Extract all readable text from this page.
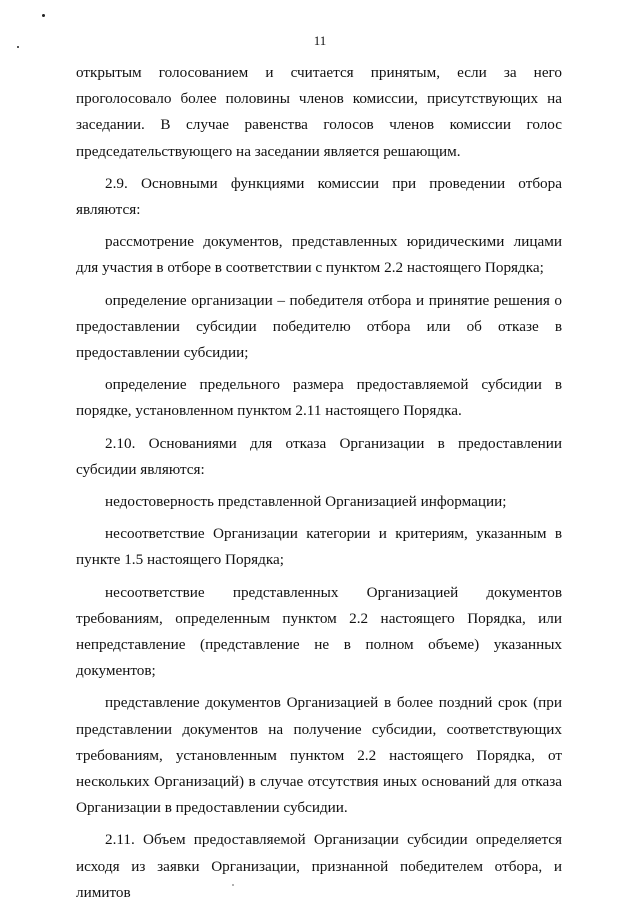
11

открытым голосованием и считается принятым, если за него проголосовало более половины членов комиссии, присутствующих на заседании. В случае равенства голосов членов комиссии голос председательствующего на заседании является решающим.

2.9. Основными функциями комиссии при проведении отбора являются:

рассмотрение документов, представленных юридическими лицами для участия в отборе в соответствии с пунктом 2.2 настоящего Порядка;

определение организации – победителя отбора и принятие решения о предоставлении субсидии победителю отбора или об отказе в предоставлении субсидии;

определение предельного размера предоставляемой субсидии в порядке, установленном пунктом 2.11 настоящего Порядка.

2.10. Основаниями для отказа Организации в предоставлении субсидии являются:

недостоверность представленной Организацией информации;

несоответствие Организации категории и критериям, указанным в пункте 1.5 настоящего Порядка;

несоответствие представленных Организацией документов требованиям, определенным пунктом 2.2 настоящего Порядка, или непредставление (представление не в полном объеме) указанных документов;

представление документов Организацией в более поздний срок (при представлении документов на получение субсидии, соответствующих требованиям, установленным пунктом 2.2 настоящего Порядка, от нескольких Организаций) в случае отсутствия иных оснований для отказа Организации в предоставлении субсидии.

2.11. Объем предоставляемой Организации субсидии определяется исходя из заявки Организации, признанной победителем отбора, и лимитов
